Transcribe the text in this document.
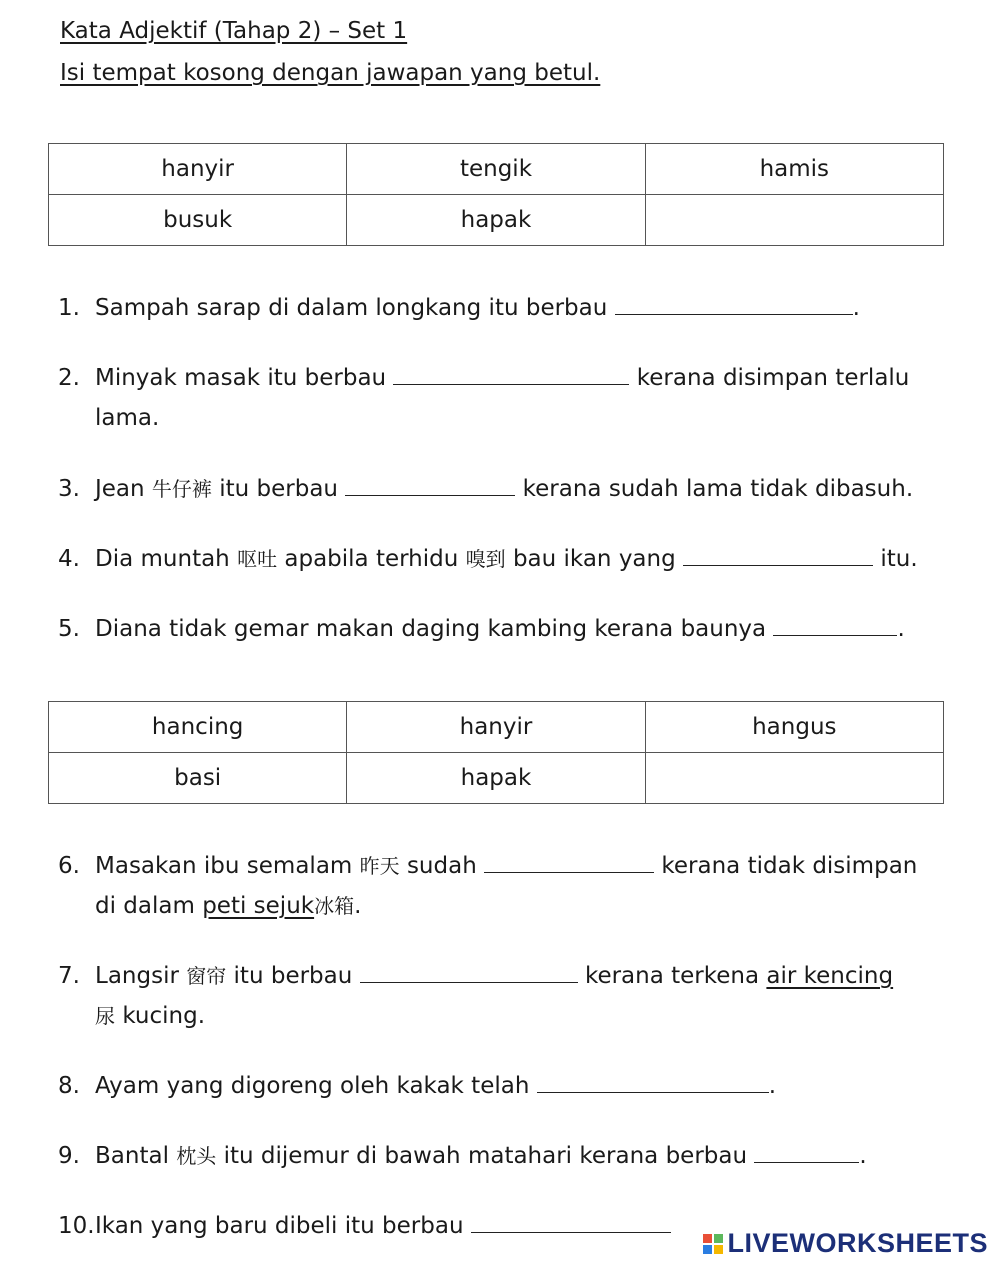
Kata Adjektif (Tahap 2) – Set 1
Isi tempat kosong dengan jawapan yang betul.
hanyir	tengik	hamis
busuk	hapak	
1. Sampah sarap di dalam longkang itu berbau	.
2. Minyak masak itu berbau	kerana disimpan terlalu
lama.
3. Jean 牛仔裤 itu berbau	kerana sudah lama tidak dibasuh.
4. Dia muntah 呕吐 apabila terhidu 嗅到 bau ikan yang	itu.
5. Diana tidak gemar makan daging kambing kerana baunya	.
hancing	hanyir	hangus
basi	hapak	
6. Masakan ibu semalam 昨天 sudah	kerana tidak disimpan
di dalam peti sejuk冰箱.
7. Langsir 窗帘 itu berbau	kerana terkena air kencing
尿 kucing.
8. Ayam yang digoreng oleh kakak telah	.
9. Bantal 枕头 itu dijemur di bawah matahari kerana berbau	.
10.Ikan yang baru dibeli itu berbau
LIVEWORKSHEETS
